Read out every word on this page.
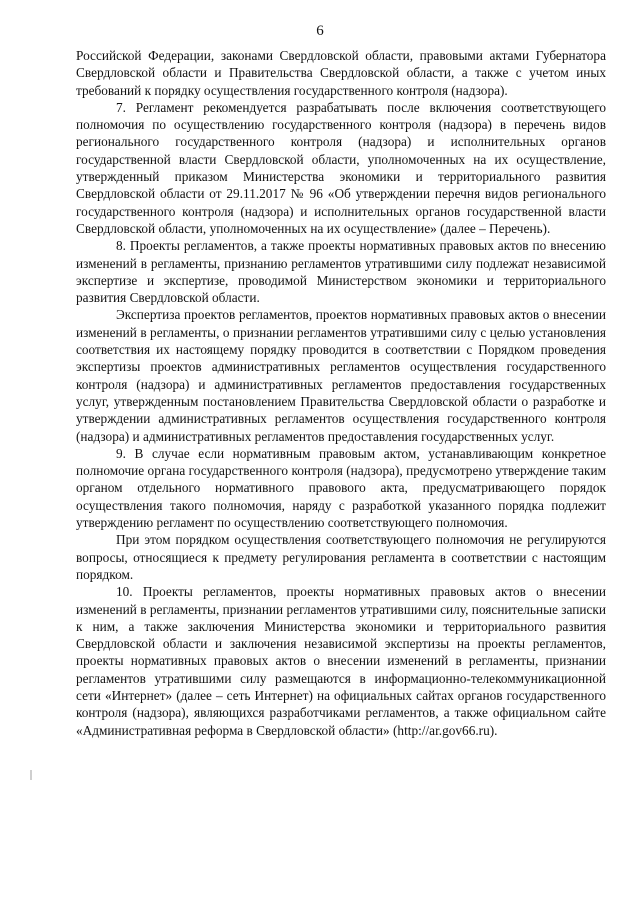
6

Российской Федерации, законами Свердловской области, правовыми актами Губернатора Свердловской области и Правительства Свердловской области, а также с учетом иных требований к порядку осуществления государственного контроля (надзора).

7. Регламент рекомендуется разрабатывать после включения соответствующего полномочия по осуществлению государственного контроля (надзора) в перечень видов регионального государственного контроля (надзора) и исполнительных органов государственной власти Свердловской области, уполномоченных на их осуществление, утвержденный приказом Министерства экономики и территориального развития Свердловской области от 29.11.2017 № 96 «Об утверждении перечня видов регионального государственного контроля (надзора) и исполнительных органов государственной власти Свердловской области, уполномоченных на их осуществление» (далее – Перечень).

8. Проекты регламентов, а также проекты нормативных правовых актов по внесению изменений в регламенты, признанию регламентов утратившими силу подлежат независимой экспертизе и экспертизе, проводимой Министерством экономики и территориального развития Свердловской области.

Экспертиза проектов регламентов, проектов нормативных правовых актов о внесении изменений в регламенты, о признании регламентов утратившими силу с целью установления соответствия их настоящему порядку проводится в соответствии с Порядком проведения экспертизы проектов административных регламентов осуществления государственного контроля (надзора) и административных регламентов предоставления государственных услуг, утвержденным постановлением Правительства Свердловской области о разработке и утверждении административных регламентов осуществления государственного контроля (надзора) и административных регламентов предоставления государственных услуг.

9. В случае если нормативным правовым актом, устанавливающим конкретное полномочие органа государственного контроля (надзора), предусмотрено утверждение таким органом отдельного нормативного правового акта, предусматривающего порядок осуществления такого полномочия, наряду с разработкой указанного порядка подлежит утверждению регламент по осуществлению соответствующего полномочия.

При этом порядком осуществления соответствующего полномочия не регулируются вопросы, относящиеся к предмету регулирования регламента в соответствии с настоящим порядком.

10. Проекты регламентов, проекты нормативных правовых актов о внесении изменений в регламенты, признании регламентов утратившими силу, пояснительные записки к ним, а также заключения Министерства экономики и территориального развития Свердловской области и заключения независимой экспертизы на проекты регламентов, проекты нормативных правовых актов о внесении изменений в регламенты, признании регламентов утратившими силу размещаются в информационно-телекоммуникационной сети «Интернет» (далее – сеть Интернет) на официальных сайтах органов государственного контроля (надзора), являющихся разработчиками регламентов, а также официальном сайте «Административная реформа в Свердловской области» (http://ar.gov66.ru).
